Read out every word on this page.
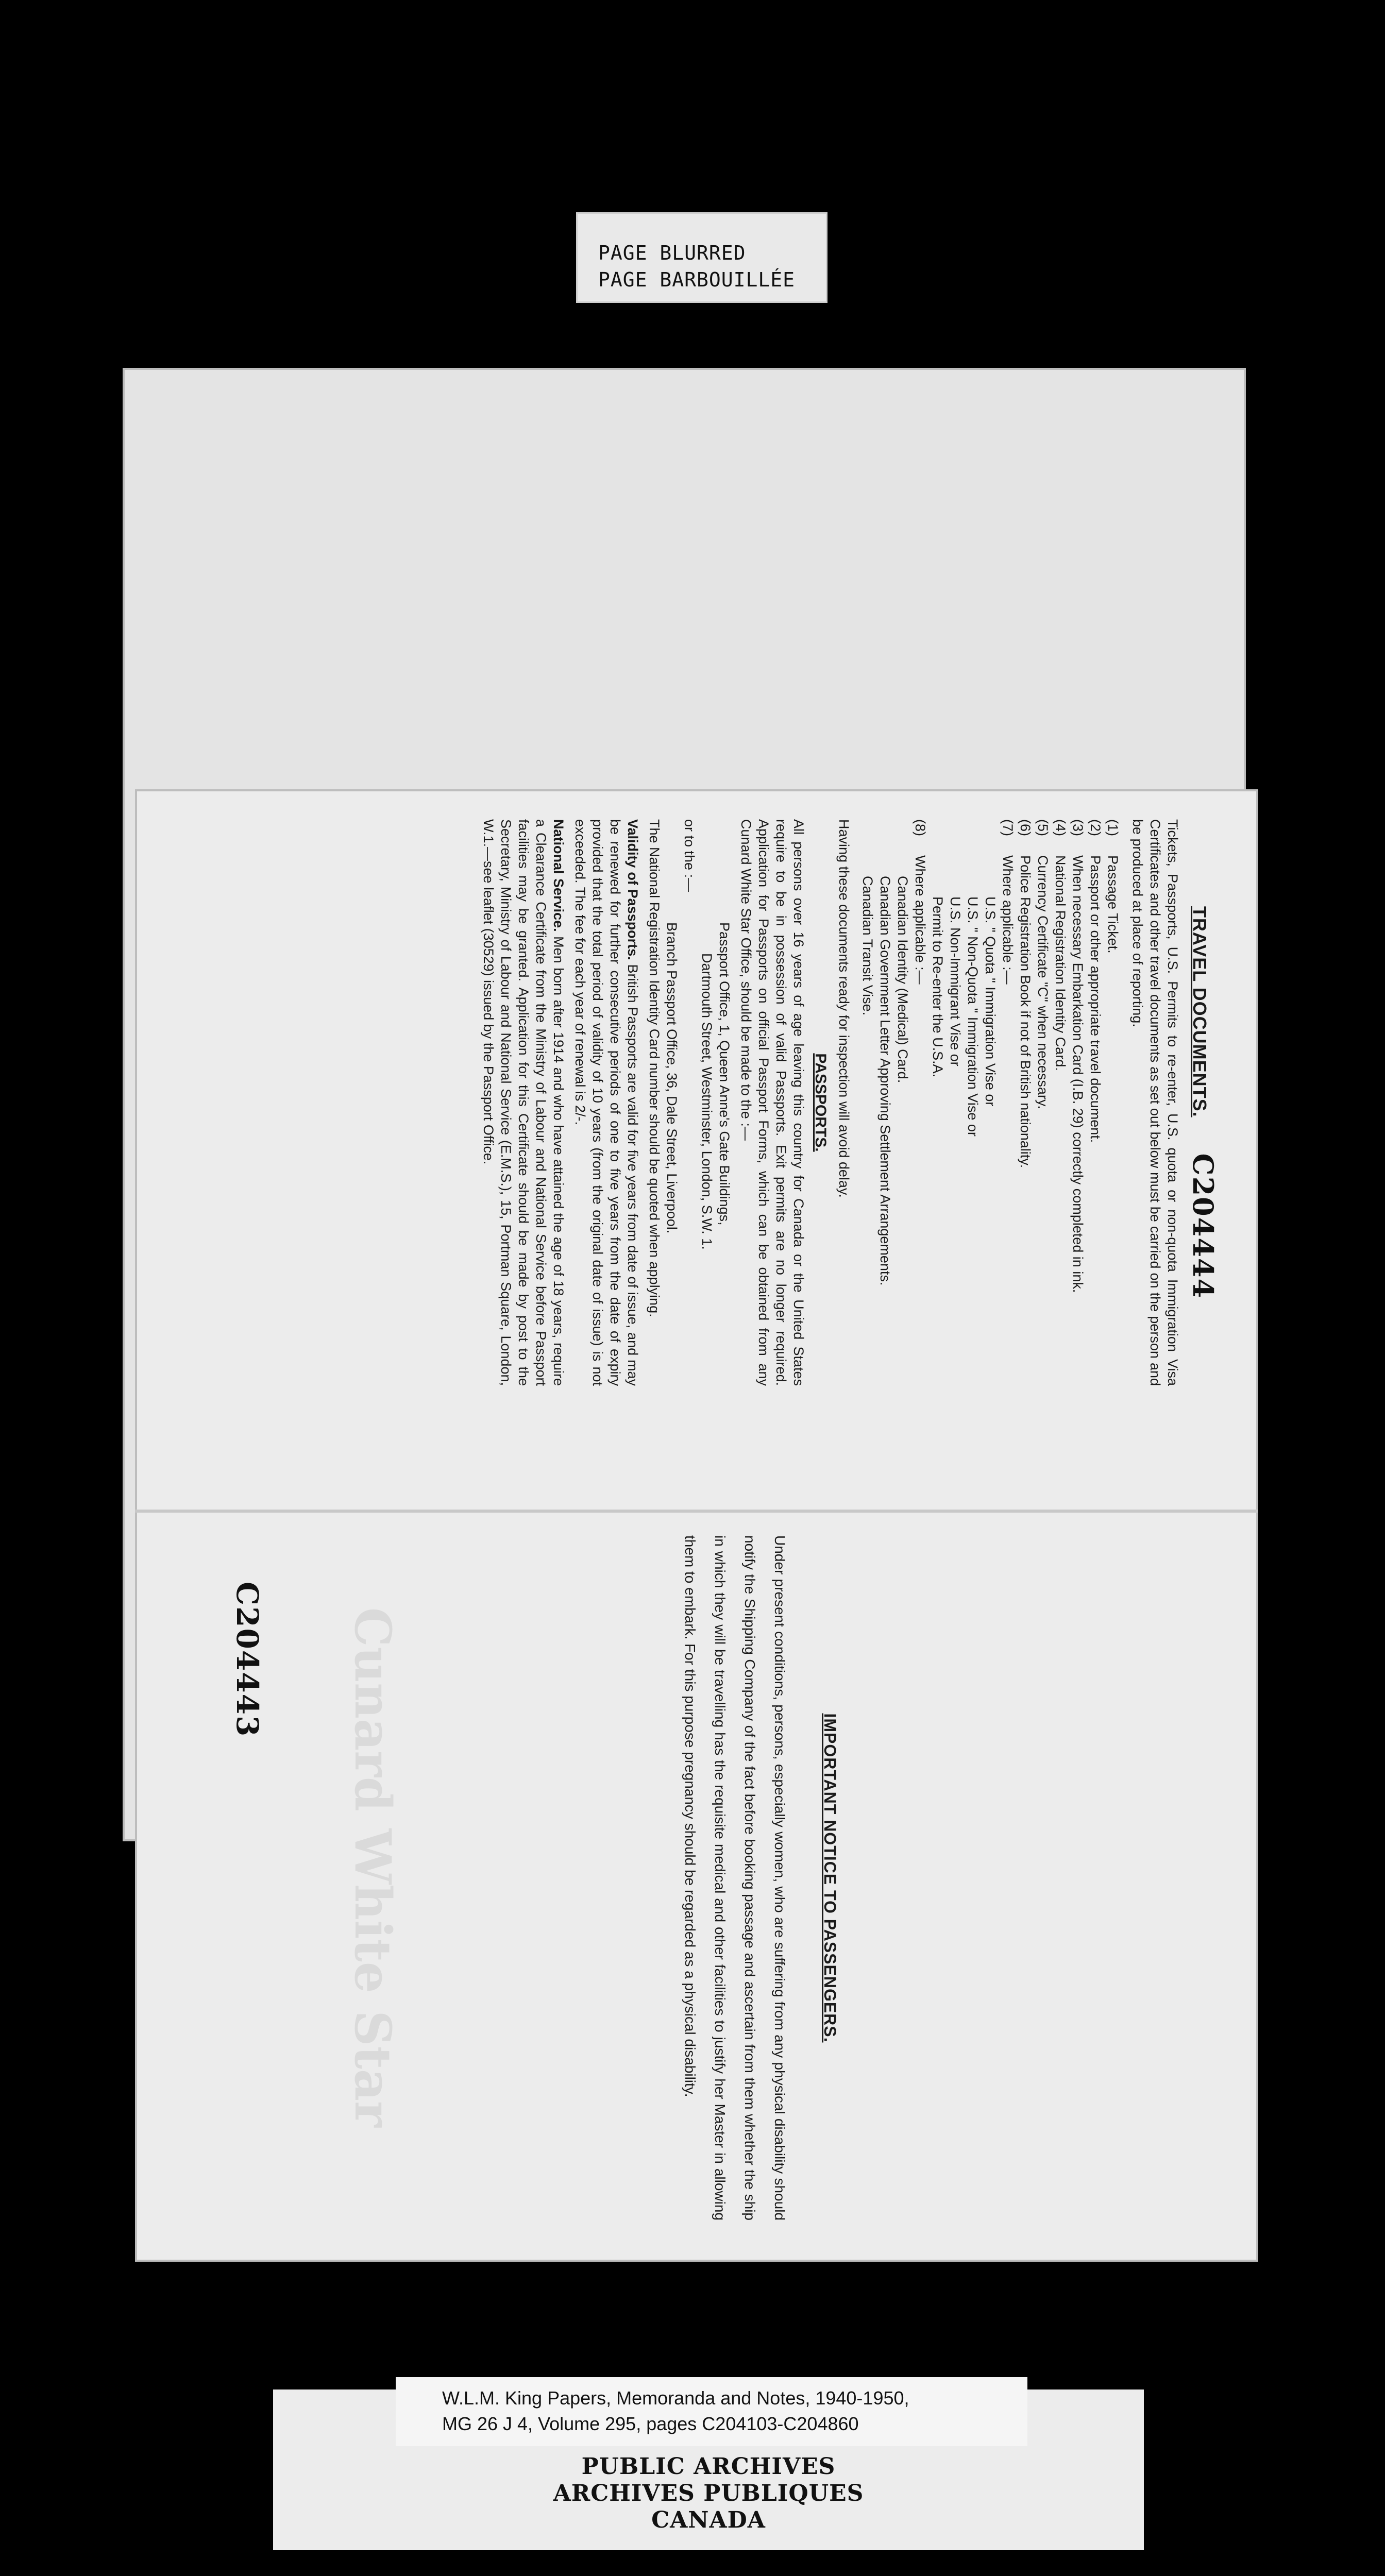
PAGE BLURRED
PAGE BARBOUILLÉE
Cunard White Star
TRAVEL DOCUMENTS.
C204444

Tickets, Passports, U.S. Permits to re-enter, U.S. quota or non-quota Immigration Visa Certificates and other travel documents as set out below must be carried on the person and be produced at place of reporting.

(1)
Passage Ticket.
(2)
Passport or other appropriate travel document.
(3)
When necessary Embarkation Card (I.B. 29) correctly completed in ink.
(4)
National Registration Identity Card.
(5)
Currency Certificate "C" when necessary.
(6)
Police Registration Book if not of British nationality.
(7)
Where applicable :—
U.S. " Quota " Immigration Vise or
U.S. " Non-Quota " Immigration Vise or
U.S. Non-Immigrant Vise or
Permit to Re-enter the U.S.A.
(8)
Where applicable :—
Canadian Identity (Medical) Card.
Canadian Government Letter Approving Settlement Arrangements.
Canadian Transit Vise.

Having these documents ready for inspection will avoid delay.

PASSPORTS.

All persons over 16 years of age leaving this country for Canada or the United States require to be in possession of valid Passports. Exit permits are no longer required. Application for Passports on official Passport Forms, which can be obtained from any Cunard White Star Office, should be made to the :—

Passport Office, 1, Queen Anne's Gate Buildings,
Dartmouth Street, Westminster, London, S.W. 1.
or to the :—
Branch Passport Office, 36, Dale Street, Liverpool.

The National Registration Identity Card number should be quoted when applying.

Validity of Passports. British Passports are valid for five years from date of issue, and may be renewed for further consecutive periods of one to five years from the date of expiry provided that the total period of validity of 10 years (from the original date of issue) is not exceeded. The fee for each year of renewal is 2/-.

National Service. Men born after 1914 and who have attained the age of 18 years, require a Clearance Certificate from the Ministry of Labour and National Service before Passport facilities may be granted. Application for this Certificate should be made by post to the Secretary, Ministry of Labour and National Service (E.M.S.), 15, Portman Square, London, W.1.—see leaflet (30529) issued by the Passport Office.

C204443
IMPORTANT NOTICE TO PASSENGERS.
Under present conditions, persons, especially women, who are suffering from any physical disability should notify the Shipping Company of the fact before booking passage and ascertain from them whether the ship in which they will be travelling has the requisite medical and other facilities to justify her Master in allowing them to embark. For this purpose pregnancy should be regarded as a physical disability.
PUBLIC ARCHIVES
ARCHIVES PUBLIQUES
CANADA
W.L.M. King Papers, Memoranda and Notes, 1940-1950,
MG 26 J 4, Volume 295, pages C204103-C204860
